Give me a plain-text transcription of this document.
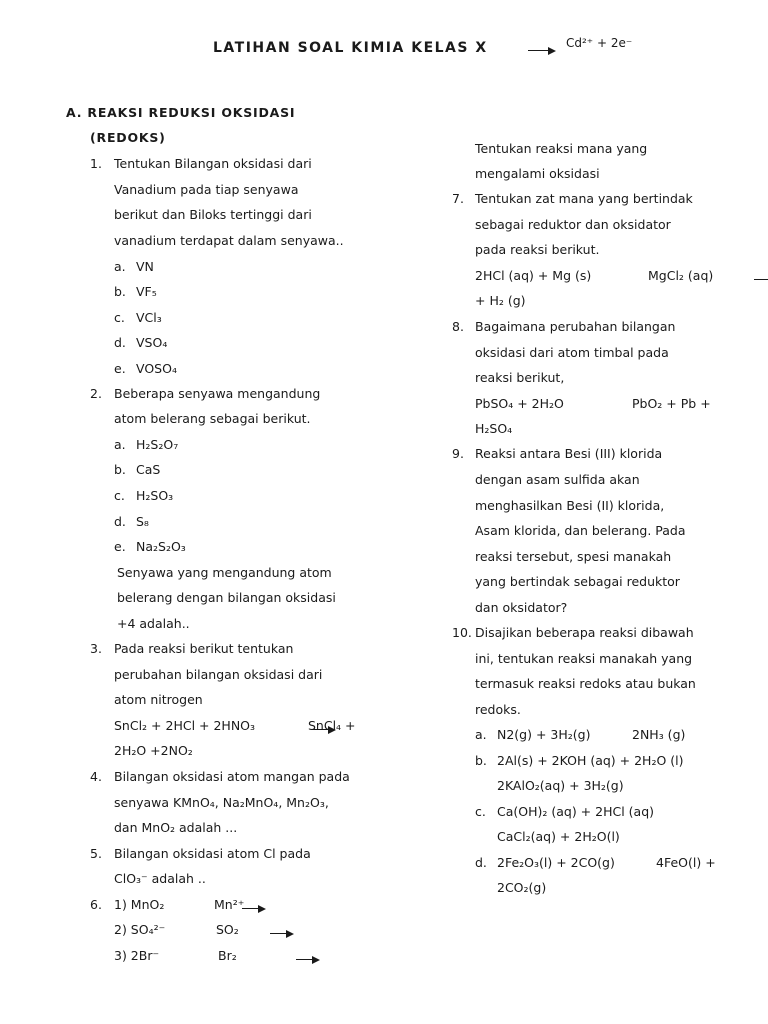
LATIHAN SOAL KIMIA KELAS X
	Cd²⁺ + 2e⁻
A. REAKSI REDUKSI OKSIDASI
(REDOKS)
1. Tentukan Bilangan oksidasi dari
Vanadium pada tiap senyawa
berikut dan Biloks tertinggi dari
vanadium terdapat dalam senyawa..
a. VN
b. VF₅
c. VCl₃
d. VSO₄
e. VOSO₄
2. Beberapa senyawa mengandung
atom belerang sebagai berikut.
a. H₂S₂O₇
b. CaS
c. H₂SO₃
d. S₈
e. Na₂S₂O₃
Senyawa yang mengandung atom
belerang dengan bilangan oksidasi
+4 adalah..
3. Pada reaksi berikut tentukan
perubahan bilangan oksidasi dari
atom nitrogen
SnCl₂ + 2HCl + 2HNO₃
	SnCl₄ +
2H₂O +2NO₂
4. Bilangan oksidasi atom mangan pada
senyawa KMnO₄, Na₂MnO₄, Mn₂O₃,
dan MnO₂ adalah ...
5. Bilangan oksidasi atom Cl pada
ClO₃⁻ adalah ..
6. 1) MnO₂
	Mn²⁺
2) SO₄²⁻
	SO₂
3) 2Br⁻
	Br₂
Tentukan reaksi mana yang
mengalami oksidasi
7. Tentukan zat mana yang bertindak
sebagai reduktor dan oksidator
pada reaksi berikut.
2HCl (aq) + Mg (s)
	MgCl₂ (aq)
+ H₂ (g)
8. Bagaimana perubahan bilangan
oksidasi dari atom timbal pada
reaksi berikut,
PbSO₄ + 2H₂O
	PbO₂ + Pb +
H₂SO₄
9. Reaksi antara Besi (III) klorida
dengan asam sulfida akan
menghasilkan Besi (II) klorida,
Asam klorida, dan belerang. Pada
reaksi tersebut, spesi manakah
yang bertindak sebagai reduktor
dan oksidator?
10. Disajikan beberapa reaksi dibawah
ini, tentukan reaksi manakah yang
termasuk reaksi redoks atau bukan
redoks.
a. N2(g) + 3H₂(g)
	2NH₃ (g)
b. 2Al(s) + 2KOH (aq) + 2H₂O (l)

2KAlO₂(aq) + 3H₂(g)
c. Ca(OH)₂ (aq) + 2HCl (aq)

CaCl₂(aq) + 2H₂O(l)
d. 2Fe₂O₃(l) + 2CO(g)	4FeO(l) +
2CO₂(g)
